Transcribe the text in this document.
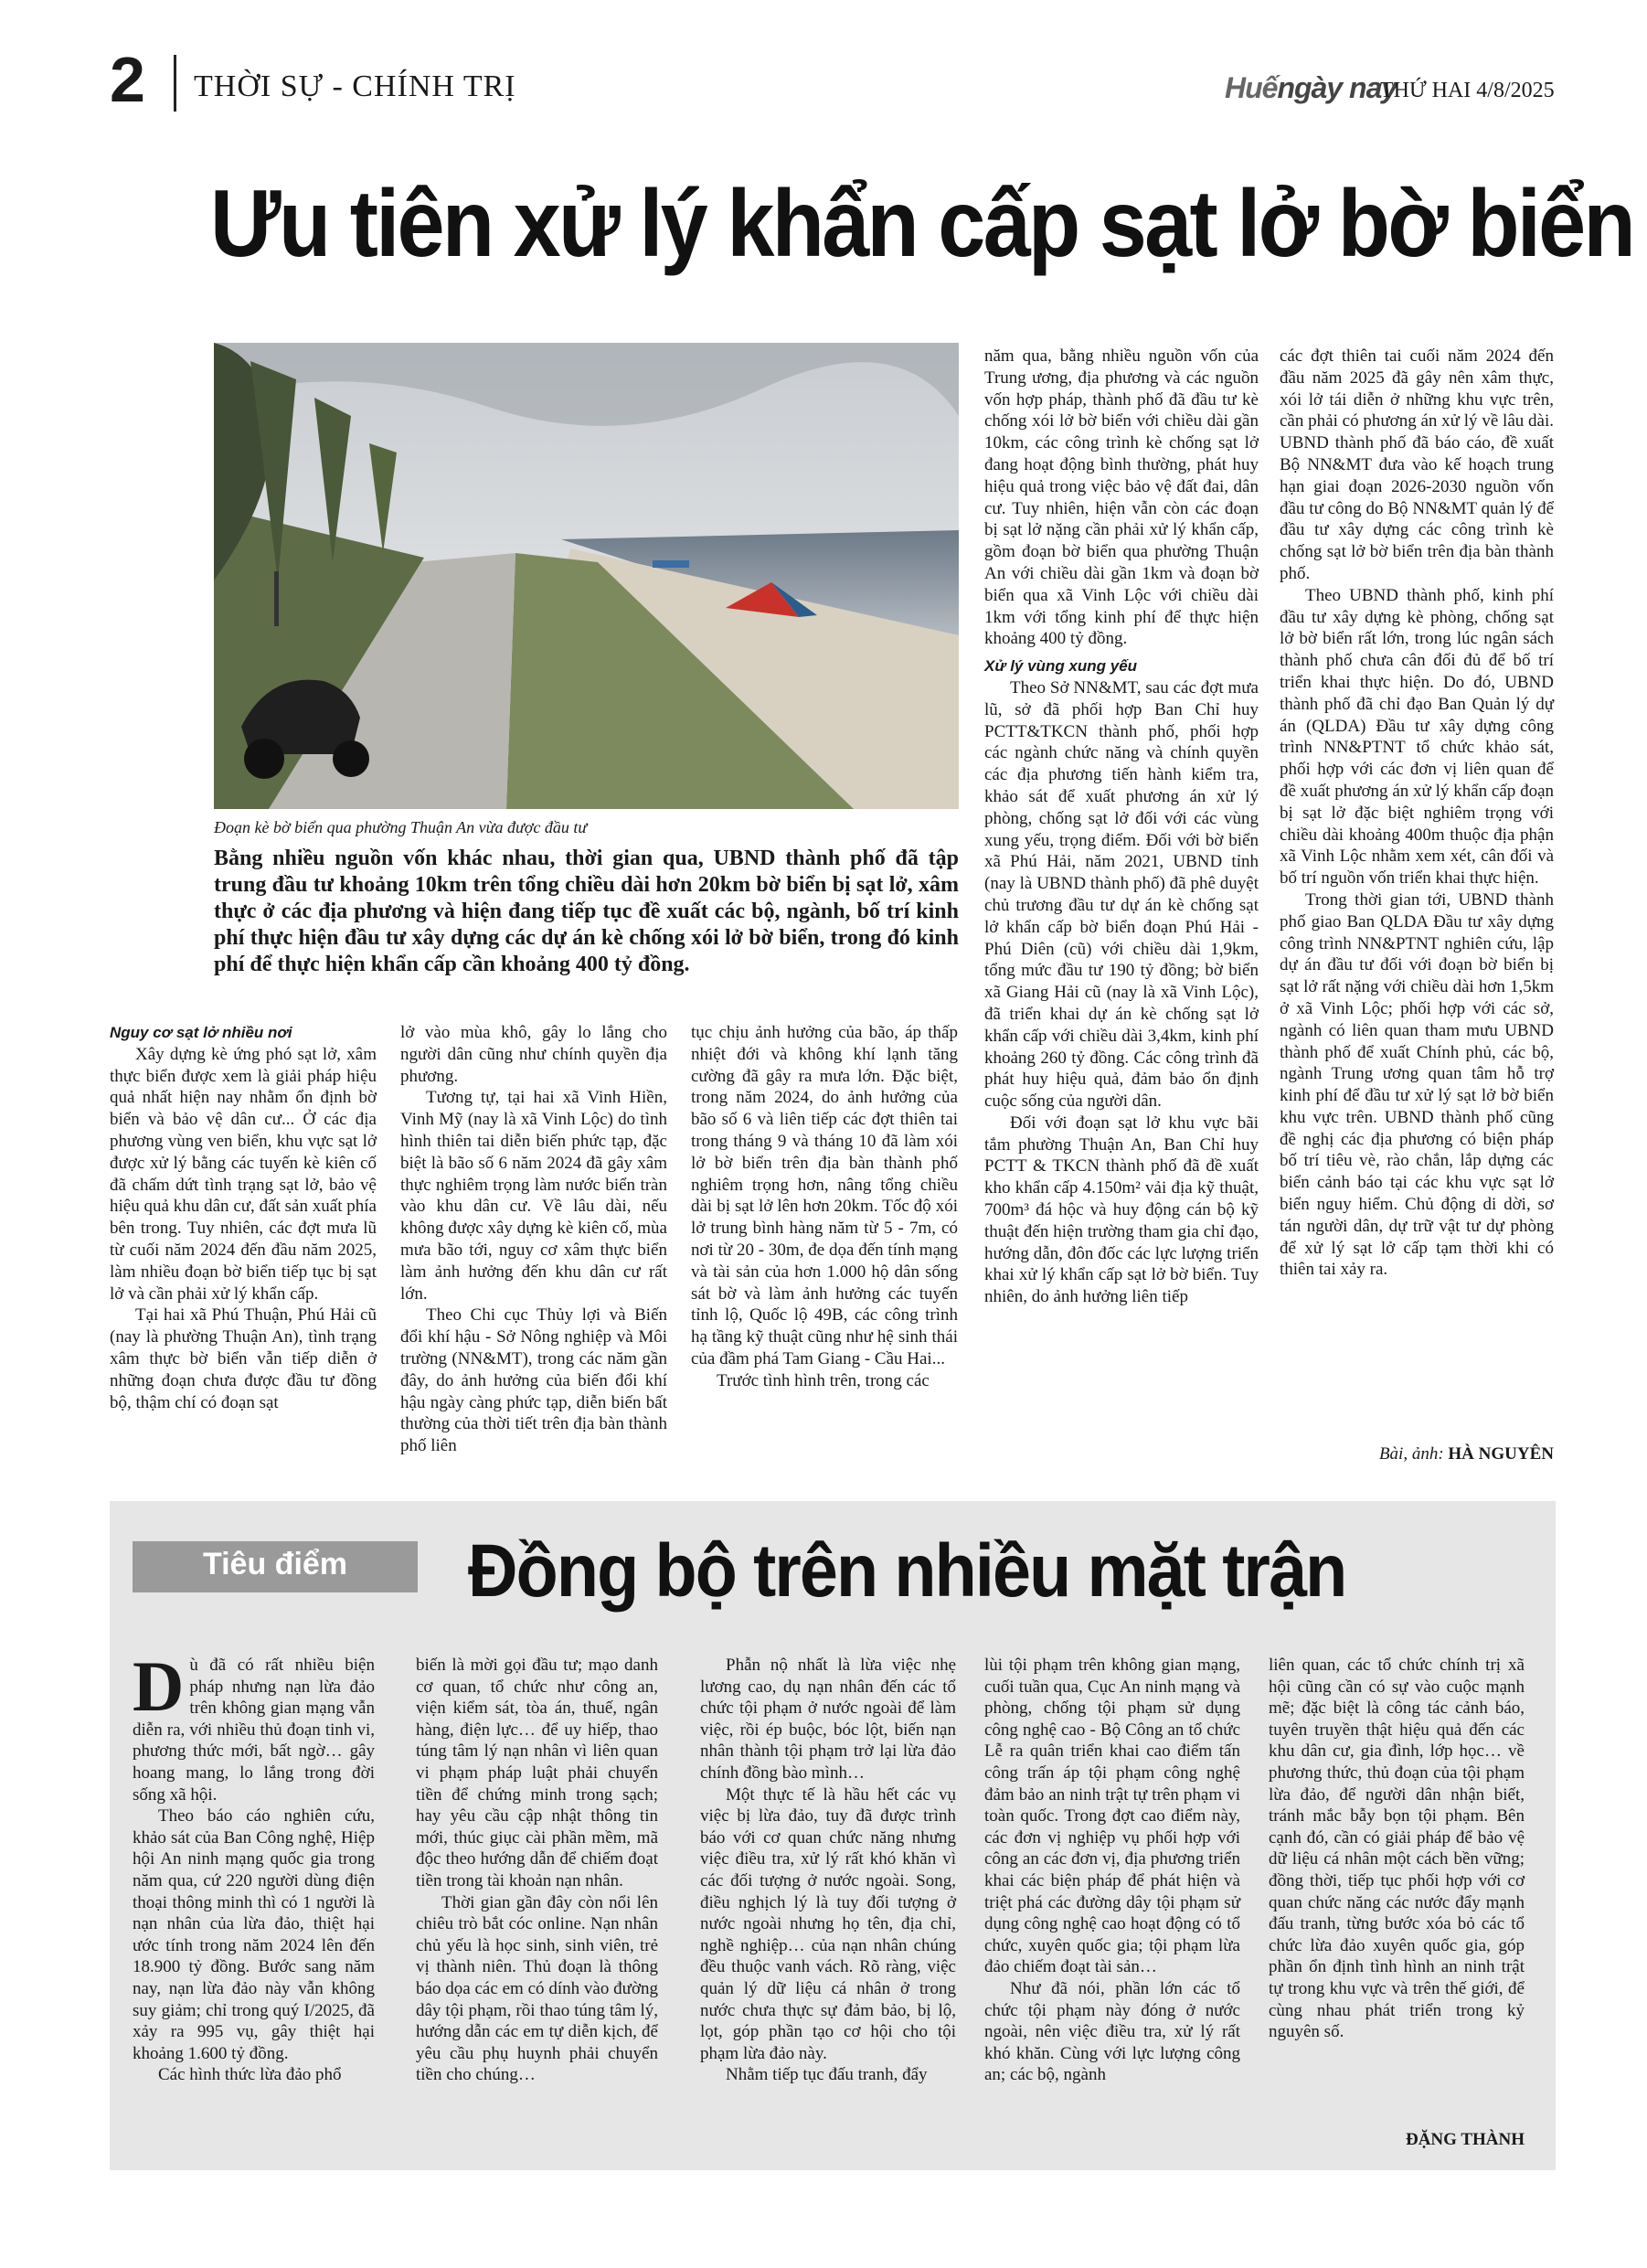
2 THỜI SỰ - CHÍNH TRỊ	Huếngày nay
THỨ HAI 4/8/2025
Ưu tiên xử lý khẩn cấp sạt lở bờ biển
Đoạn kè bờ biển qua phường Thuận An vừa được đầu tư
Bằng nhiều nguồn vốn khác nhau, thời gian qua, UBND thành phố đã tập trung đầu tư khoảng 10km trên tổng chiều dài hơn 20km bờ biển bị sạt lở, xâm thực ở các địa phương và hiện đang tiếp tục đề xuất các bộ, ngành, bố trí kinh phí thực hiện đầu tư xây dựng các dự án kè chống xói lở bờ biển, trong đó kinh phí để thực hiện khẩn cấp cần khoảng 400 tỷ đồng.

Nguy cơ sạt lở nhiều nơi

Xây dựng kè ứng phó sạt lở, xâm thực biển được xem là giải pháp hiệu quả nhất hiện nay nhằm ổn định bờ biển và bảo vệ dân cư... Ở các địa phương vùng ven biển, khu vực sạt lở được xử lý bằng các tuyến kè kiên cố đã chấm dứt tình trạng sạt lở, bảo vệ hiệu quả khu dân cư, đất sản xuất phía bên trong. Tuy nhiên, các đợt mưa lũ từ cuối năm 2024 đến đầu năm 2025, làm nhiều đoạn bờ biển tiếp tục bị sạt lở và cần phải xử lý khẩn cấp.

Tại hai xã Phú Thuận, Phú Hải cũ (nay là phường Thuận An), tình trạng xâm thực bờ biển vẫn tiếp diễn ở những đoạn chưa được đầu tư đồng bộ, thậm chí có đoạn sạt

lở vào mùa khô, gây lo lắng cho người dân cũng như chính quyền địa phương.

Tương tự, tại hai xã Vinh Hiền, Vinh Mỹ (nay là xã Vinh Lộc) do tình hình thiên tai diễn biến phức tạp, đặc biệt là bão số 6 năm 2024 đã gây xâm thực nghiêm trọng làm nước biển tràn vào khu dân cư. Về lâu dài, nếu không được xây dựng kè kiên cố, mùa mưa bão tới, nguy cơ xâm thực biển làm ảnh hưởng đến khu dân cư rất lớn.

Theo Chi cục Thủy lợi và Biến đổi khí hậu - Sở Nông nghiệp và Môi trường (NN&MT), trong các năm gần đây, do ảnh hưởng của biến đổi khí hậu ngày càng phức tạp, diễn biến bất thường của thời tiết trên địa bàn thành phố liên

tục chịu ảnh hưởng của bão, áp thấp nhiệt đới và không khí lạnh tăng cường đã gây ra mưa lớn. Đặc biệt, trong năm 2024, do ảnh hưởng của bão số 6 và liên tiếp các đợt thiên tai trong tháng 9 và tháng 10 đã làm xói lở bờ biển trên địa bàn thành phố nghiêm trọng hơn, nâng tổng chiều dài bị sạt lở lên hơn 20km. Tốc độ xói lở trung bình hàng năm từ 5 - 7m, có nơi từ 20 - 30m, đe dọa đến tính mạng và tài sản của hơn 1.000 hộ dân sống sát bờ và làm ảnh hưởng các tuyến tỉnh lộ, Quốc lộ 49B, các công trình hạ tầng kỹ thuật cũng như hệ sinh thái của đầm phá Tam Giang - Cầu Hai...

Trước tình hình trên, trong các

năm qua, bằng nhiều nguồn vốn của Trung ương, địa phương và các nguồn vốn hợp pháp, thành phố đã đầu tư kè chống xói lở bờ biển với chiều dài gần 10km, các công trình kè chống sạt lở đang hoạt động bình thường, phát huy hiệu quả trong việc bảo vệ đất đai, dân cư. Tuy nhiên, hiện vẫn còn các đoạn bị sạt lở nặng cần phải xử lý khẩn cấp, gồm đoạn bờ biển qua phường Thuận An với chiều dài gần 1km và đoạn bờ biển qua xã Vinh Lộc với chiều dài 1km với tổng kinh phí để thực hiện khoảng 400 tỷ đồng.

Xử lý vùng xung yếu

Theo Sở NN&MT, sau các đợt mưa lũ, sở đã phối hợp Ban Chỉ huy PCTT&TKCN thành phố, phối hợp các ngành chức năng và chính quyền các địa phương tiến hành kiểm tra, khảo sát để xuất phương án xử lý phòng, chống sạt lở đối với các vùng xung yếu, trọng điểm. Đối với bờ biển xã Phú Hải, năm 2021, UBND tỉnh (nay là UBND thành phố) đã phê duyệt chủ trương đầu tư dự án kè chống sạt lở khẩn cấp bờ biển đoạn Phú Hải - Phú Diên (cũ) với chiều dài 1,9km, tổng mức đầu tư 190 tỷ đồng; bờ biển xã Giang Hải cũ (nay là xã Vinh Lộc), đã triển khai dự án kè chống sạt lở khẩn cấp với chiều dài 3,4km, kinh phí khoảng 260 tỷ đồng. Các công trình đã phát huy hiệu quả, đảm bảo ổn định cuộc sống của người dân.

Đối với đoạn sạt lở khu vực bãi tắm phường Thuận An, Ban Chỉ huy PCTT & TKCN thành phố đã đề xuất kho khẩn cấp 4.150m² vải địa kỹ thuật, 700m³ đá hộc và huy động cán bộ kỹ thuật đến hiện trường tham gia chỉ đạo, hướng dẫn, đôn đốc các lực lượng triển khai xử lý khẩn cấp sạt lở bờ biển. Tuy nhiên, do ảnh hưởng liên tiếp

các đợt thiên tai cuối năm 2024 đến đầu năm 2025 đã gây nên xâm thực, xói lở tái diễn ở những khu vực trên, cần phải có phương án xử lý về lâu dài. UBND thành phố đã báo cáo, đề xuất Bộ NN&MT đưa vào kế hoạch trung hạn giai đoạn 2026-2030 nguồn vốn đầu tư công do Bộ NN&MT quản lý để đầu tư xây dựng các công trình kè chống sạt lở bờ biển trên địa bàn thành phố.

Theo UBND thành phố, kinh phí đầu tư xây dựng kè phòng, chống sạt lở bờ biển rất lớn, trong lúc ngân sách thành phố chưa cân đối đủ để bố trí triển khai thực hiện. Do đó, UBND thành phố đã chỉ đạo Ban Quản lý dự án (QLDA) Đầu tư xây dựng công trình NN&PTNT tổ chức khảo sát, phối hợp với các đơn vị liên quan để đề xuất phương án xử lý khẩn cấp đoạn bị sạt lở đặc biệt nghiêm trọng với chiều dài khoảng 400m thuộc địa phận xã Vinh Lộc nhằm xem xét, cân đối và bố trí nguồn vốn triển khai thực hiện.

Trong thời gian tới, UBND thành phố giao Ban QLDA Đầu tư xây dựng công trình NN&PTNT nghiên cứu, lập dự án đầu tư đối với đoạn bờ biển bị sạt lở rất nặng với chiều dài hơn 1,5km ở xã Vinh Lộc; phối hợp với các sở, ngành có liên quan tham mưu UBND thành phố để xuất Chính phủ, các bộ, ngành Trung ương quan tâm hỗ trợ kinh phí để đầu tư xử lý sạt lở bờ biển khu vực trên. UBND thành phố cũng đề nghị các địa phương có biện pháp bố trí tiêu vè, rào chắn, lắp dựng các biển cảnh báo tại các khu vực sạt lở biển nguy hiểm. Chủ động di dời, sơ tán người dân, dự trữ vật tư dự phòng để xử lý sạt lở cấp tạm thời khi có thiên tai xảy ra.

Bài, ảnh: HÀ NGUYÊN
Tiêu điểm	Đồng bộ trên nhiều mặt trận

Dù đã có rất nhiều biện pháp nhưng nạn lừa đảo trên không gian mạng vẫn diễn ra, với nhiều thủ đoạn tinh vi, phương thức mới, bất ngờ… gây hoang mang, lo lắng trong đời sống xã hội.

Theo báo cáo nghiên cứu, khảo sát của Ban Công nghệ, Hiệp hội An ninh mạng quốc gia trong năm qua, cứ 220 người dùng điện thoại thông minh thì có 1 người là nạn nhân của lừa đảo, thiệt hại ước tính trong năm 2024 lên đến 18.900 tỷ đồng. Bước sang năm nay, nạn lừa đảo này vẫn không suy giảm; chỉ trong quý I/2025, đã xảy ra 995 vụ, gây thiệt hại khoảng 1.600 tỷ đồng.

Các hình thức lừa đảo phổ

biến là mời gọi đầu tư; mạo danh cơ quan, tổ chức như công an, viện kiểm sát, tòa án, thuế, ngân hàng, điện lực… để uy hiếp, thao túng tâm lý nạn nhân vì liên quan vi phạm pháp luật phải chuyển tiền để chứng minh trong sạch; hay yêu cầu cập nhật thông tin mới, thúc giục cài phần mềm, mã độc theo hướng dẫn để chiếm đoạt tiền trong tài khoản nạn nhân.

Thời gian gần đây còn nổi lên chiêu trò bắt cóc online. Nạn nhân chủ yếu là học sinh, sinh viên, trẻ vị thành niên. Thủ đoạn là thông báo dọa các em có dính vào đường dây tội phạm, rồi thao túng tâm lý, hướng dẫn các em tự diễn kịch, để yêu cầu phụ huynh phải chuyển tiền cho chúng…

Phẫn nộ nhất là lừa việc nhẹ lương cao, dụ nạn nhân đến các tổ chức tội phạm ở nước ngoài để làm việc, rồi ép buộc, bóc lột, biến nạn nhân thành tội phạm trở lại lừa đảo chính đồng bào mình…

Một thực tế là hầu hết các vụ việc bị lừa đảo, tuy đã được trình báo với cơ quan chức năng nhưng việc điều tra, xử lý rất khó khăn vì các đối tượng ở nước ngoài. Song, điều nghịch lý là tuy đối tượng ở nước ngoài nhưng họ tên, địa chỉ, nghề nghiệp… của nạn nhân chúng đều thuộc vanh vách. Rõ ràng, việc quản lý dữ liệu cá nhân ở trong nước chưa thực sự đảm bảo, bị lộ, lọt, góp phần tạo cơ hội cho tội phạm lừa đảo này.

Nhằm tiếp tục đấu tranh, đẩy

lùi tội phạm trên không gian mạng, cuối tuần qua, Cục An ninh mạng và phòng, chống tội phạm sử dụng công nghệ cao - Bộ Công an tổ chức Lễ ra quân triển khai cao điểm tấn công trấn áp tội phạm công nghệ đảm bảo an ninh trật tự trên phạm vi toàn quốc. Trong đợt cao điểm này, các đơn vị nghiệp vụ phối hợp với công an các đơn vị, địa phương triển khai các biện pháp để phát hiện và triệt phá các đường dây tội phạm sử dụng công nghệ cao hoạt động có tổ chức, xuyên quốc gia; tội phạm lừa đảo chiếm đoạt tài sản…

Như đã nói, phần lớn các tổ chức tội phạm này đóng ở nước ngoài, nên việc điều tra, xử lý rất khó khăn. Cùng với lực lượng công an; các bộ, ngành

liên quan, các tổ chức chính trị xã hội cũng cần có sự vào cuộc mạnh mẽ; đặc biệt là công tác cảnh báo, tuyên truyền thật hiệu quả đến các khu dân cư, gia đình, lớp học… về phương thức, thủ đoạn của tội phạm lừa đảo, để người dân nhận biết, tránh mắc bẫy bọn tội phạm. Bên cạnh đó, cần có giải pháp để bảo vệ dữ liệu cá nhân một cách bền vững; đồng thời, tiếp tục phối hợp với cơ quan chức năng các nước đẩy mạnh đấu tranh, từng bước xóa bỏ các tổ chức lừa đảo xuyên quốc gia, góp phần ổn định tình hình an ninh trật tự trong khu vực và trên thế giới, để cùng nhau phát triển trong kỷ nguyên số.

ĐẶNG THÀNH
